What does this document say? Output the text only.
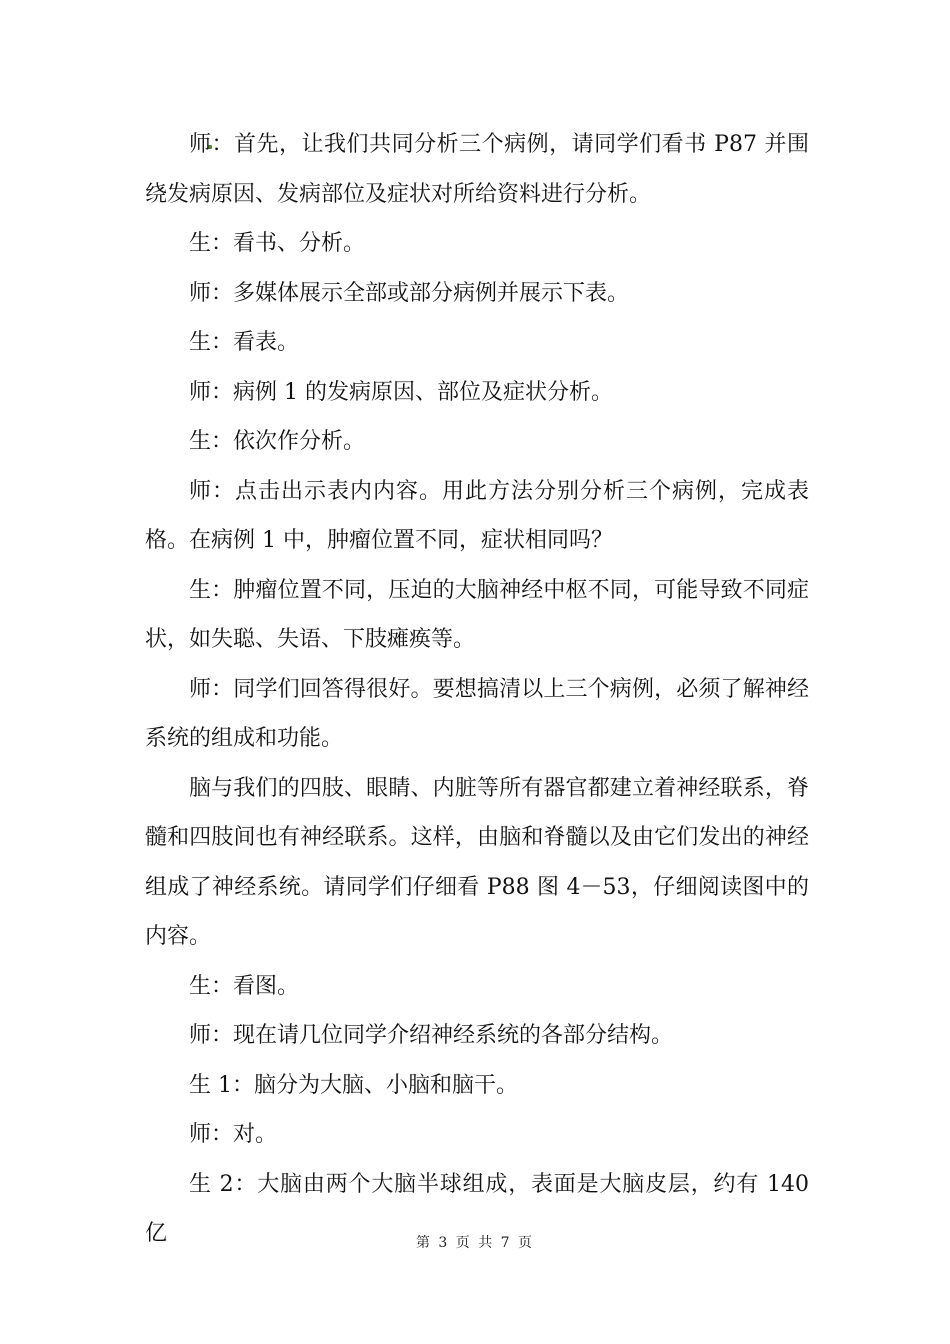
师：首先，让我们共同分析三个病例，请同学们看书 P87 并围绕发病原因、发病部位及症状对所给资料进行分析。

生：看书、分析。

师：多媒体展示全部或部分病例并展示下表。

生：看表。

师：病例 1 的发病原因、部位及症状分析。

生：依次作分析。

师：点击出示表内内容。用此方法分别分析三个病例，完成表格。在病例 1 中，肿瘤位置不同，症状相同吗？

生：肿瘤位置不同，压迫的大脑神经中枢不同，可能导致不同症状，如失聪、失语、下肢瘫痪等。

师：同学们回答得很好。要想搞清以上三个病例，必须了解神经系统的组成和功能。

脑与我们的四肢、眼睛、内脏等所有器官都建立着神经联系，脊髓和四肢间也有神经联系。这样，由脑和脊髓以及由它们发出的神经组成了神经系统。请同学们仔细看 P88 图 4－53，仔细阅读图中的内容。

生：看图。

师：现在请几位同学介绍神经系统的各部分结构。

生 1：脑分为大脑、小脑和脑干。

师：对。

生 2：大脑由两个大脑半球组成，表面是大脑皮层，约有 140 亿	第 3 页 共 7 页
